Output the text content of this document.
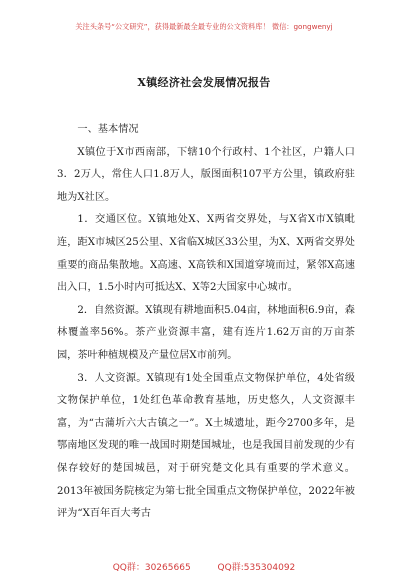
关注头条号“公文研究”，获得最新最全最专业的公文资料库！ 微信：gongwenyj
X镇经济社会发展情况报告

一、基本情况

X镇位于X市西南部，下辖10个行政村、1个社区，户籍人口3．2万人，常住人口1.8万人，版图面积107平方公里，镇政府驻地为X社区。

1．交通区位。X镇地处X、X两省交界处，与X省X市X镇毗连，距X市城区25公里、X省临X城区33公里，为X、X两省交界处重要的商品集散地。X高速、X高铁和X国道穿境而过，紧邻X高速出入口，1.5小时内可抵达X、X等2大国家中心城市。

2．自然资源。X镇现有耕地面积5.04亩，林地面积6.9亩，森林覆盖率56%。茶产业资源丰富，建有连片1.62万亩的万亩茶园，茶叶种植规模及产量位居X市前列。

3．人文资源。X镇现有1处全国重点文物保护单位，4处省级文物保护单位，1处红色革命教育基地，历史悠久，人文资源丰富，为“古蒲圻六大古镇之一”。X土城遗址，距今2700多年，是鄂南地区发现的唯一战国时期楚国城址，也是我国目前发现的少有保存较好的楚国城邑，对于研究楚文化具有重要的学术意义。2013年被国务院核定为第七批全国重点文物保护单位，2022年被评为“X百年百大考古

QQ群：30265665	QQ群:535304092
